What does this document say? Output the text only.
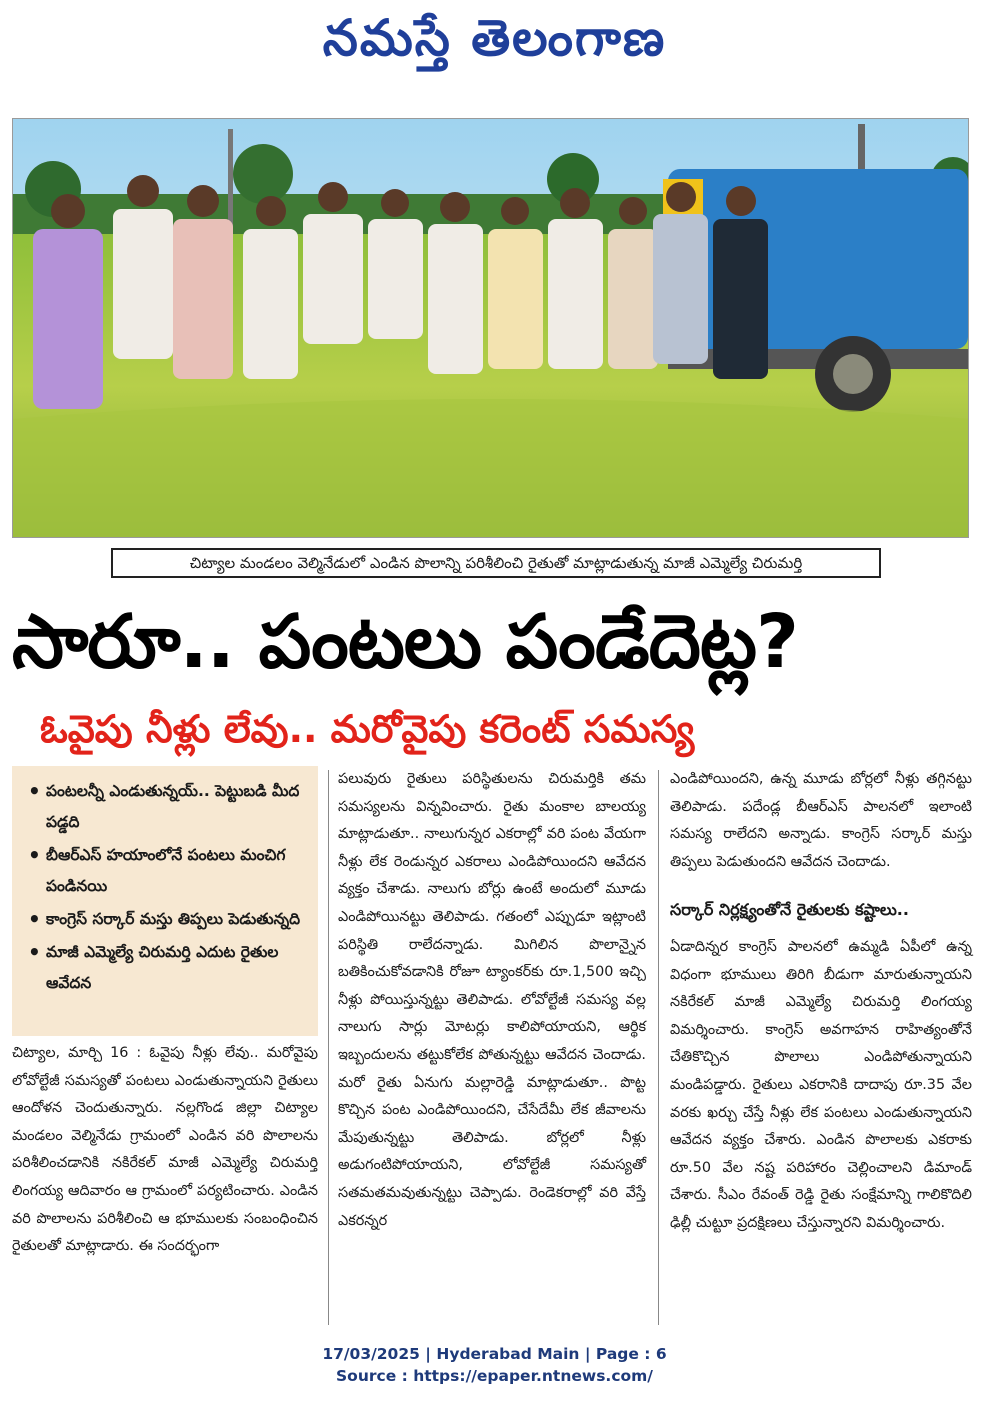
నమస్తే తెలంగాణ
చిట్యాల మండలం వెల్మినేడులో ఎండిన పొలాన్ని పరిశీలించి రైతుతో మాట్లాడుతున్న మాజీ ఎమ్మెల్యే చిరుమర్తి
సారూ.. పంటలు పండేదెట్ల?
ఓవైపు నీళ్లు లేవు.. మరోవైపు కరెంట్ సమస్య
• పంటలన్నీ ఎండుతున్నయ్.. పెట్టుబడి మీద పడ్డది
• బీఆర్ఎస్ హయాంలోనే పంటలు మంచిగ పండినయి
• కాంగ్రెస్ సర్కార్ మస్తు తిప్పలు పెడుతున్నది
• మాజీ ఎమ్మెల్యే చిరుమర్తి ఎదుట రైతుల ఆవేదన

చిట్యాల, మార్చి 16 : ఓవైపు నీళ్లు లేవు.. మరోవైపు లోవోల్టేజీ సమస్యతో పంటలు ఎండుతున్నాయని రైతులు ఆందోళన చెందుతున్నారు. నల్లగొండ జిల్లా చిట్యాల మండలం వెల్మినేడు గ్రామంలో ఎండిన వరి పొలాలను పరిశీలించడానికి నకిరేకల్ మాజీ ఎమ్మెల్యే చిరుమర్తి లింగయ్య ఆదివారం ఆ గ్రామంలో పర్యటించారు. ఎండిన వరి పొలాలను పరిశీలించి ఆ భూములకు సంబంధించిన రైతులతో మాట్లాడారు. ఈ సందర్భంగా

పలువురు రైతులు పరిస్థితులను చిరుమర్తికి తమ సమస్యలను విన్నవించారు. రైతు మంకాల బాలయ్య మాట్లాడుతూ.. నాలుగున్నర ఎకరాల్లో వరి పంట వేయగా నీళ్లు లేక రెండున్నర ఎకరాలు ఎండిపోయిందని ఆవేదన వ్యక్తం చేశాడు. నాలుగు బోర్లు ఉంటే అందులో మూడు ఎండిపోయినట్టు తెలిపాడు. గతంలో ఎప్పుడూ ఇట్లాంటి పరిస్థితి రాలేదన్నాడు. మిగిలిన పొలాన్నైన బతికించుకోవడానికి రోజూ ట్యాంకర్‌కు రూ.1,500 ఇచ్చి నీళ్లు పోయిస్తున్నట్టు తెలిపాడు. లోవోల్టేజీ సమస్య వల్ల నాలుగు సార్లు మోటర్లు కాలిపోయాయని, ఆర్థిక ఇబ్బందులను తట్టుకోలేక పోతున్నట్టు ఆవేదన చెందాడు. మరో రైతు ఏనుగు మల్లారెడ్డి మాట్లాడుతూ.. పొట్ట కొచ్చిన పంట ఎండిపోయిందని, చేసేదేమీ లేక జీవాలను మేపుతున్నట్టు తెలిపాడు. బోర్లలో నీళ్లు అడుగంటిపోయాయని, లోవోల్టేజీ సమస్యతో సతమతమవుతున్నట్టు చెప్పాడు. రెండెకరాల్లో వరి వేస్తే ఎకరన్నర

ఎండిపోయిందని, ఉన్న మూడు బోర్లలో నీళ్లు తగ్గినట్టు తెలిపాడు. పదేండ్ల బీఆర్ఎస్ పాలనలో ఇలాంటి సమస్య రాలేదని అన్నాడు. కాంగ్రెస్ సర్కార్ మస్తు తిప్పలు పెడుతుందని ఆవేదన చెందాడు.

సర్కార్ నిర్లక్ష్యంతోనే రైతులకు కష్టాలు..

ఏడాదిన్నర కాంగ్రెస్ పాలనలో ఉమ్మడి ఏపీలో ఉన్న విధంగా భూములు తిరిగి బీడుగా మారుతున్నాయని నకిరేకల్ మాజీ ఎమ్మెల్యే చిరుమర్తి లింగయ్య విమర్శించారు. కాంగ్రెస్ అవగాహన రాహిత్యంతోనే చేతికొచ్చిన పొలాలు ఎండిపోతున్నాయని మండిపడ్డారు. రైతులు ఎకరానికి దాదాపు రూ.35 వేల వరకు ఖర్చు చేస్తే నీళ్లు లేక పంటలు ఎండుతున్నాయని ఆవేదన వ్యక్తం చేశారు. ఎండిన పొలాలకు ఎకరాకు రూ.50 వేల నష్ట పరిహారం చెల్లించాలని డిమాండ్ చేశారు. సీఎం రేవంత్ రెడ్డి రైతు సంక్షేమాన్ని గాలికొదిలి ఢిల్లీ చుట్టూ ప్రదక్షిణలు చేస్తున్నారని విమర్శించారు.

17/03/2025 | Hyderabad Main | Page : 6
Source : https://epaper.ntnews.com/
